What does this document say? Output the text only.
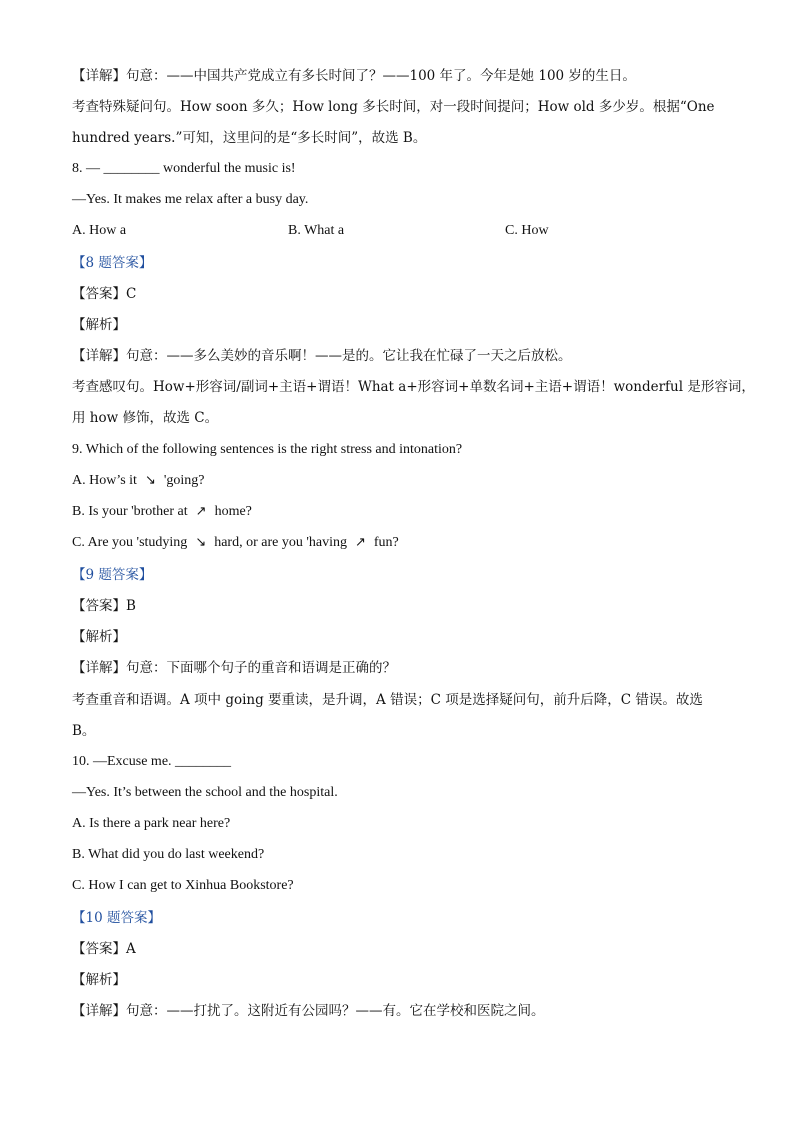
【详解】句意：——中国共产党成立有多长时间了？——100 年了。今年是她 100 岁的生日。
考查特殊疑问句。How soon 多久；How long 多长时间，对一段时间提问；How old 多少岁。根据“One
hundred years.”可知，这里问的是“多长时间”，故选 B。
8. — ________ wonderful the music is!
—Yes. It makes me relax after a busy day.
A. How a	B. What a	C. How
【8 题答案】
【答案】C
【解析】
【详解】句意：——多么美妙的音乐啊！——是的。它让我在忙碌了一天之后放松。
考查感叹句。How+形容词/副词+主语+谓语！What a+形容词+单数名词+主语+谓语！wonderful 是形容词，
用 how 修饰，故选 C。
9. Which of the following sentences is the right stress and intonation?
A. How’s it ↘ 'going?
B. Is your 'brother at ↗ home?
C. Are you 'studying ↘ hard, or are you 'having ↗ fun?
【9 题答案】
【答案】B
【解析】
【详解】句意：下面哪个句子的重音和语调是正确的？
考查重音和语调。A 项中 going 要重读，是升调，A 错误；C 项是选择疑问句，前升后降，C 错误。故选
B。
10. —Excuse me. ________
—Yes. It’s between the school and the hospital.
A. Is there a park near here?
B. What did you do last weekend?
C. How I can get to Xinhua Bookstore?
【10 题答案】
【答案】A
【解析】
【详解】句意：——打扰了。这附近有公园吗？——有。它在学校和医院之间。
